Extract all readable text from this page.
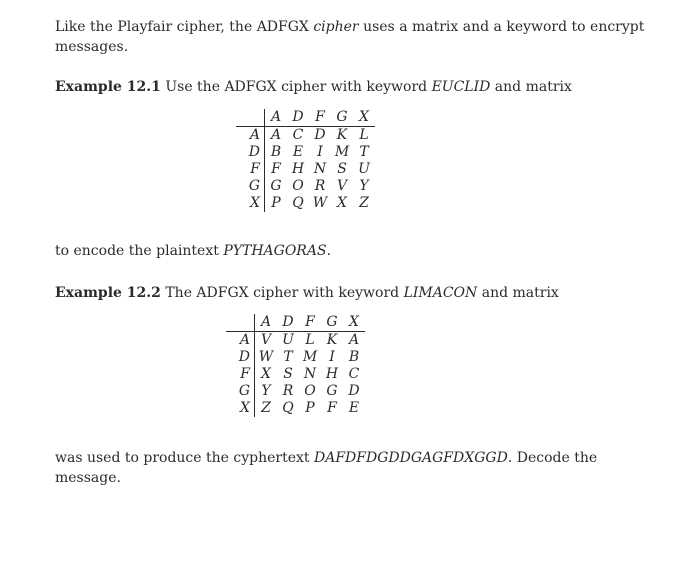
Like the Playfair cipher, the ADFGX cipher uses a matrix and a keyword to encrypt messages.
Example 12.1 Use the ADFGX cipher with keyword EUCLID and matrix
	A	D	F	G	X
A	A	C	D	K	L
D	B	E	I	M	T
F	F	H	N	S	U
G	G	O	R	V	Y
X	P	Q	W	X	Z
to encode the plaintext PYTHAGORAS.
Example 12.2 The ADFGX cipher with keyword LIMACON and matrix
	A	D	F	G	X
A	V	U	L	K	A
D	W	T	M	I	B
F	X	S	N	H	C
G	Y	R	O	G	D
X	Z	Q	P	F	E
was used to produce the cyphertext DAFDFDGDDGAGFDXGGD. Decode the message.
